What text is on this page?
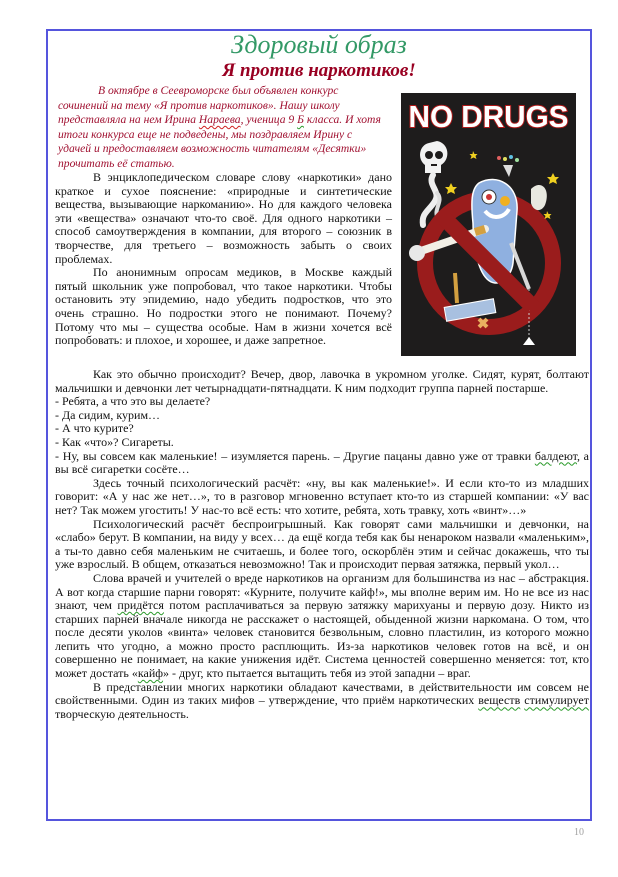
Здоровый образ
Я против наркотиков!
В октябре в Сеевроморске был объявлен конкурс сочинений на тему «Я против наркотиков». Нашу школу представляла на нем Ирина Нараева, ученица 9 Б класса. И хотя итоги конкурса еще не подведены, мы поздравляем Ирину с удачей и предоставляем возможность читателям «Десятки» прочитать её статью.
NO DRUGS

В энциклопедическом словаре слову «наркотики» дано краткое и сухое пояснение: «природные и синтетические вещества, вызывающие наркоманию». Но для каждого человека эти «вещества» означают что-то своё. Для одного наркотики – способ самоутверждения в компании, для второго – союзник в творчестве, для третьего – возможность забыть о своих проблемах.

По анонимным опросам медиков, в Москве каждый пятый школьник уже попробовал, что такое наркотики. Чтобы остановить эту эпидемию, надо убедить подростков, что это очень страшно. Но подростки этого не понимают. Почему? Потому что мы – существа особые. Нам в жизни хочется всё попробовать: и плохое, и хорошее, и даже запретное.

Как это обычно происходит? Вечер, двор, лавочка в укромном уголке. Сидят, курят, болтают мальчишки и девчонки лет четырнадцати-пятнадцати. К ним подходит группа парней постарше.

- Ребята, а что это вы делаете?

- Да сидим, курим…

- А что курите?

- Как «что»? Сигареты.

- Ну, вы совсем как маленькие! – изумляется парень. – Другие пацаны давно уже от травки балдеют, а вы всё сигаретки сосёте…

Здесь точный психологический расчёт: «ну, вы как маленькие!». И если кто-то из младших говорит: «А у нас же нет…», то в разговор мгновенно вступает кто-то из старшей компании: «У вас нет? Так можем угостить! У нас-то всё есть: что хотите, ребята, хоть травку, хоть «винт»…»

Психологический расчёт беспроигрышный. Как говорят сами мальчишки и девчонки, на «слабо» берут. В компании, на виду у всех… да ещё когда тебя как бы ненароком назвали «маленьким», а ты-то давно себя маленьким не считаешь, и более того, оскорблён этим и сейчас докажешь, что ты уже взрослый. В общем, отказаться невозможно! Так и происходит первая затяжка, первый укол…

Слова врачей и учителей о вреде наркотиков на организм для большинства из нас – абстракция. А вот когда старшие парни говорят: «Курните, получите кайф!», мы вполне верим им. Но не все из нас знают, чем придётся потом расплачиваться за первую затяжку марихуаны и первую дозу. Никто из старших парней вначале никогда не расскажет о настоящей, обыденной жизни наркомана. О том, что после десяти уколов «винта» человек становится безвольным, словно пластилин, из которого можно лепить что угодно, а можно просто расплющить. Из-за наркотиков человек готов на всё, и он совершенно не понимает, на какие унижения идёт. Система ценностей совершенно меняется: тот, кто может достать «кайф» - друг, кто пытается вытащить тебя из этой западни – враг.

В представлении многих наркотики обладают качествами, в действительности им совсем не свойственными. Один из таких мифов – утверждение, что приём наркотических веществ стимулирует творческую деятельность.

10
